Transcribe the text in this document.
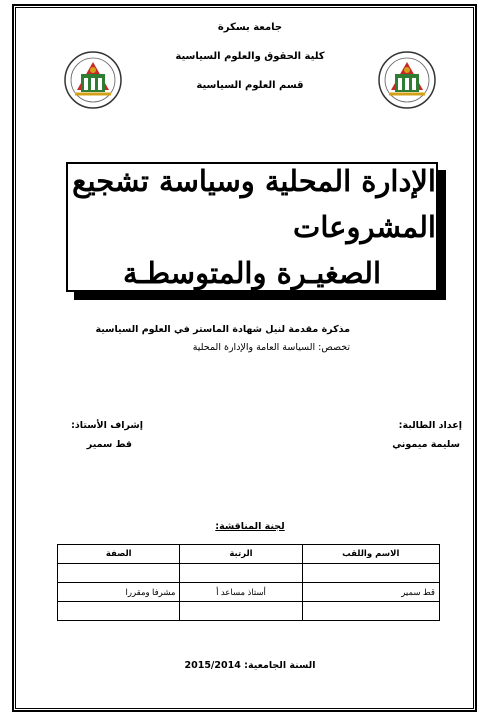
جامعة بسكرة
كلية الحقوق والعلوم السياسية
قسم العلوم السياسية
الإدارة المحلية وسياسة تشجيع المشروعات
الصغيـرة والمتوسطـة
مذكرة مقدمة لنيل شهادة الماستر في العلوم السياسية
تخصص: السياسة العامة والإدارة المحلية
إعداد الطالبة:
سليمة ميموني
إشراف الأستاذ:
قط سمير
لجنة المناقشة:
الاسم واللقب	الرتبة	الصفة

قط سمير	أستاذ مساعد أ	مشرفا ومقررا

السنة الجامعية: 2015/2014
